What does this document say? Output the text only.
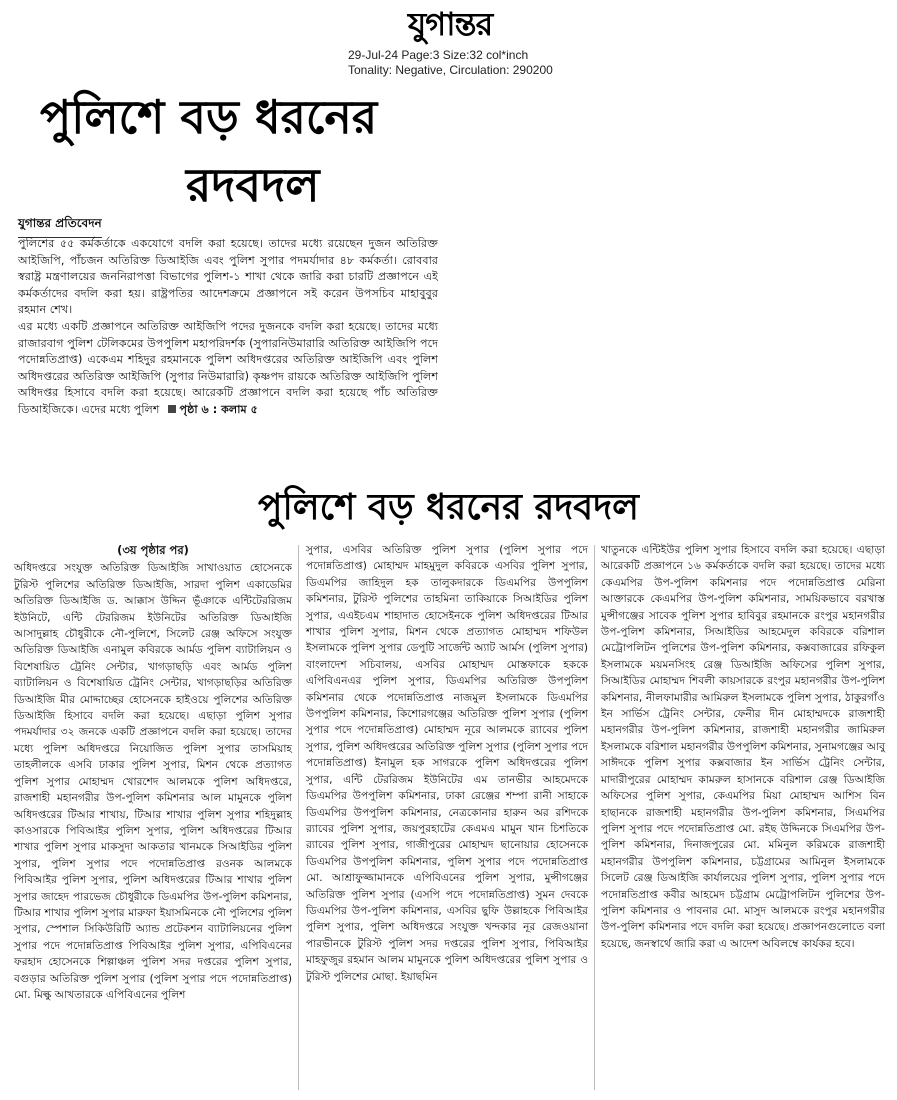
যুগান্তর
29-Jul-24 Page:3 Size:32 col*inch
Tonality: Negative, Circulation: 290200
পুলিশে বড় ধরনের
রদবদল
যুগান্তর প্রতিবেদন

পুলিশের ৫৫ কর্মকর্তাকে একযোগে বদলি করা হয়েছে। তাদের মধ্যে রয়েছেন দুজন অতিরিক্ত আইজিপি, পাঁচজন অতিরিক্ত ডিআইজি এবং পুলিশ সুপার পদমর্যাদার ৪৮ কর্মকর্তা। রোববার স্বরাষ্ট্র মন্ত্রণালয়ের জননিরাপত্তা বিভাগের পুলিশ-১ শাখা থেকে জারি করা চারটি প্রজ্ঞাপনে এই কর্মকর্তাদের বদলি করা হয়। রাষ্ট্রপতির আদেশক্রমে প্রজ্ঞাপনে সই করেন উপসচিব মাহাবুবুর রহমান শেখ।

এর মধ্যে একটি প্রজ্ঞাপনে অতিরিক্ত আইজিপি পদের দুজনকে বদলি করা হয়েছে। তাদের মধ্যে রাজারবাগ পুলিশ টেলিকমের উপপুলিশ মহাপরিদর্শক (সুপারনিউমারারি অতিরিক্ত আইজিপি পদে পদোন্নতিপ্রাপ্ত) একেএম শহিদুর রহমানকে পুলিশ অধিদপ্তরের অতিরিক্ত আইজিপি এবং পুলিশ অধিদপ্তরের অতিরিক্ত আইজিপি (সুপার নিউমারারি) কৃষ্ণপদ রায়কে অতিরিক্ত আইজিপি পুলিশ অধিদপ্তর হিসাবে বদলি করা হয়েছে। আরেকটি প্রজ্ঞাপনে বদলি করা হয়েছে পাঁচ অতিরিক্ত ডিআইজিকে। এদের মধ্যে পুলিশ পৃষ্ঠা ৬ : কলাম ৫

পুলিশে বড় ধরনের রদবদল
(৩য় পৃষ্ঠার পর)

অধিদপ্তরে সংযুক্ত অতিরিক্ত ডিআইজি সাখাওয়াত হোসেনকে টুরিস্ট পুলিশের অতিরিক্ত ডিআইজি, সারদা পুলিশ একাডেমির অতিরিক্ত ডিআইজি ড. আক্কাস উদ্দিন ভূঁঞাকে এন্টিটেররিজম ইউনিটে, এন্টি টেররিজম ইউনিটের অতিরিক্ত ডিআইজি আসাদুল্লাহ চৌধুরীকে নৌ-পুলিশে, সিলেট রেঞ্জ অফিসে সংযুক্ত অতিরিক্ত ডিআইজি এনামুল কবিরকে আর্মড পুলিশ ব্যাটালিয়ন ও বিশেষায়িত ট্রেনিং সেন্টার, খাগড়াছড়ি এবং আর্মড পুলিশ ব্যাটালিয়ন ও বিশেষায়িত ট্রেনিং সেন্টার, খাগড়াছড়ির অতিরিক্ত ডিআইজি মীর মোদ্দাচ্ছের হোসেনকে হাইওয়ে পুলিশের অতিরিক্ত ডিআইজি হিসাবে বদলি করা হয়েছে। এছাড়া পুলিশ সুপার পদমর্যাদার ৩২ জনকে একটি প্রজ্ঞাপনে বদলি করা হয়েছে। তাদের মধ্যে পুলিশ অধিদপ্তরে নিয়োজিত পুলিশ সুপার তাসমিয়াহ তাহলীলকে এসবি ঢাকার পুলিশ সুপার, মিশন থেকে প্রত্যাগত পুলিশ সুপার মোহাম্মদ খোরশেদ আলমকে পুলিশ অধিদপ্তরে, রাজশাহী মহানগরীর উপ-পুলিশ কমিশনার আল মামুনকে পুলিশ অধিদপ্তরের টিআর শাখায়, টিআর শাখার পুলিশ সুপার শহিদুল্লাহ কাওসারকে পিবিআইর পুলিশ সুপার, পুলিশ অধিদপ্তরের টিআর শাখার পুলিশ সুপার মাকসুদা আকতার খানমকে সিআইডির পুলিশ সুপার, পুলিশ সুপার পদে পদোন্নতিপ্রাপ্ত রওনক আলমকে পিবিআইর পুলিশ সুপার, পুলিশ অধিদপ্তরের টিআর শাখার পুলিশ সুপার জাহেদ পারভেজ চৌধুরীকে ডিএমপির উপ-পুলিশ কমিশনার, টিআর শাখার পুলিশ সুপার মারুফা ইয়াসমিনকে নৌ পুলিশের পুলিশ সুপার, স্পেশাল সিকিউরিটি অ্যান্ড প্রটেকশন ব্যাটালিয়নের পুলিশ সুপার পদে পদোন্নতিপ্রাপ্ত পিবিআইর পুলিশ সুপার, এপিবিএনের ফরহাদ হোসেনকে শিল্পাঞ্চল পুলিশ সদর দপ্তরের পুলিশ সুপার, বগুড়ার অতিরিক্ত পুলিশ সুপার (পুলিশ সুপার পদে পদোন্নতিপ্রাপ্ত) মো. মিল্কু আখতারকে এপিবিএনের পুলিশ

সুপার, এসবির অতিরিক্ত পুলিশ সুপার (পুলিশ সুপার পদে পদোন্নতিপ্রাপ্ত) মোহাম্মদ মাহমুদুল কবিরকে এসবির পুলিশ সুপার, ডিএমপির জাহিদুল হক তালুকদারকে ডিএমপির উপপুলিশ কমিশনার, টুরিস্ট পুলিশের তাহমিনা তাকিয়াকে সিআইডির পুলিশ সুপার, এএইচএম শাহাদাত হোসেইনকে পুলিশ অধিদপ্তরের টিআর শাখার পুলিশ সুপার, মিশন থেকে প্রত্যাগত মোহাম্মদ শফিউল ইসলামকে পুলিশ সুপার ডেপুটি সার্জেন্ট অ্যাট আর্মস (পুলিশ সুপার) বাংলাদেশ সচিবালয়, এসবির মোহাম্মদ মোস্তফাকে হককে এপিবিএনএর পুলিশ সুপার, ডিএমপির অতিরিক্ত উপপুলিশ কমিশনার থেকে পদোন্নতিপ্রাপ্ত নাজমুল ইসলামকে ডিএমপির উপপুলিশ কমিশনার, কিশোরগঞ্জের অতিরিক্ত পুলিশ সুপার (পুলিশ সুপার পদে পদোন্নতিপ্রাপ্ত) মোহাম্মদ নূরে আলমকে র‌্যাবের পুলিশ সুপার, পুলিশ অধিদপ্তরের অতিরিক্ত পুলিশ সুপার (পুলিশ সুপার পদে পদোন্নতিপ্রাপ্ত) ইনামুল হক সাগরকে পুলিশ অধিদপ্তরের পুলিশ সুপার, এন্টি টেররিজম ইউনিটের এম তানভীর আহমেদকে ডিএমপির উপপুলিশ কমিশনার, ঢাকা রেঞ্জের শম্পা রানী সাহাকে ডিএমপির উপপুলিশ কমিশনার, নেত্রকোনার হারুন অর রশিদকে র‌্যাবের পুলিশ সুপার, জয়পুরহাটের কেএমএ মামুন খান চিশতিকে র‌্যাবের পুলিশ সুপার, গাজীপুরের মোহাম্মদ ছানোয়ার হোসেনকে ডিএমপির উপপুলিশ কমিশনার, পুলিশ সুপার পদে পদোন্নতিপ্রাপ্ত মো. আশ্রাফুজ্জামানকে এপিবিএনের পুলিশ সুপার, মুন্সীগঞ্জের অতিরিক্ত পুলিশ সুপার (এসপি পদে পদোন্নতিপ্রাপ্ত) সুমন দেবকে ডিএমপির উপ-পুলিশ কমিশনার, এসবির ছুফি উল্লাহকে পিবিআইর পুলিশ সুপার, পুলিশ অধিদপ্তরে সংযুক্ত খন্দকার নূর রেজওয়ানা পারভীনকে টুরিস্ট পুলিশ সদর দপ্তরের পুলিশ সুপার, পিবিআইর মাহফুজুর রহমান আলম মামুনকে পুলিশ অধিদপ্তরের পুলিশ সুপার ও টুরিস্ট পুলিশের মোছা. ইয়াছমিন

খাতুনকে এন্টিইউর পুলিশ সুপার হিসাবে বদলি করা হয়েছে। এছাড়া আরেকটি প্রজ্ঞাপনে ১৬ কর্মকর্তাকে বদলি করা হয়েছে। তাদের মধ্যে কেএমপির উপ-পুলিশ কমিশনার পদে পদোন্নতিপ্রাপ্ত মেরিনা আক্তারকে কেএমপির উপ-পুলিশ কমিশনার, সাময়িকভাবে বরখাস্ত মুন্সীগঞ্জের সাবেক পুলিশ সুপার হাবিবুর রহমানকে রংপুর মহানগরীর উপ-পুলিশ কমিশনার, সিআইডির আহমেদুল কবিরকে বরিশাল মেট্রোপলিটন পুলিশের উপ-পুলিশ কমিশনার, কক্সবাজারের রফিকুল ইসলামকে ময়মনসিংহ রেঞ্জ ডিআইজি অফিসের পুলিশ সুপার, সিআইডির মোহাম্মদ শিবলী কায়সারকে রংপুর মহানগরীর উপ-পুলিশ কমিশনার, নীলফামারীর আমিরুল ইসলামকে পুলিশ সুপার, ঠাকুরগাঁও ইন সার্ভিস ট্রেনিং সেন্টার, ফেনীর দীন মোহাম্মদকে রাজশাহী মহানগরীর উপ-পুলিশ কমিশনার, রাজশাহী মহানগরীর জামিরুল ইসলামকে বরিশাল মহানগরীর উপপুলিশ কমিশনার, সুনামগঞ্জের আবু সাঈদকে পুলিশ সুপার কক্সবাজার ইন সার্ভিস ট্রেনিং সেন্টার, মাদারীপুরের মোহাম্মদ কামরুল হাসানকে বরিশাল রেঞ্জ ডিআইজি অফিসের পুলিশ সুপার, কেএমপির মিয়া মোহাম্মদ আশিস বিন হাছানকে রাজশাহী মহানগরীর উপ-পুলিশ কমিশনার, সিএমপির পুলিশ সুপার পদে পদোন্নতিপ্রাপ্ত মো. রইছ উদ্দিনকে সিএমপির উপ-পুলিশ কমিশনার, দিনাজপুরের মো. মমিনুল করিমকে রাজশাহী মহানগরীর উপপুলিশ কমিশনার, চট্টগ্রামের আমিনুল ইসলামকে সিলেট রেঞ্জ ডিআইজি কার্যালয়ের পুলিশ সুপার, পুলিশ সুপার পদে পদোন্নতিপ্রাপ্ত কবীর আহমেদ চট্টগ্রাম মেট্রোপলিটন পুলিশের উপ-পুলিশ কমিশনার ও পাবনার মো. মাসুদ আলমকে রংপুর মহানগরীর উপ-পুলিশ কমিশনার পদে বদলি করা হয়েছে। প্রজ্ঞাপনগুলোতে বলা হয়েছে, জনস্বার্থে জারি করা এ আদেশ অবিলম্বে কার্যকর হবে।
